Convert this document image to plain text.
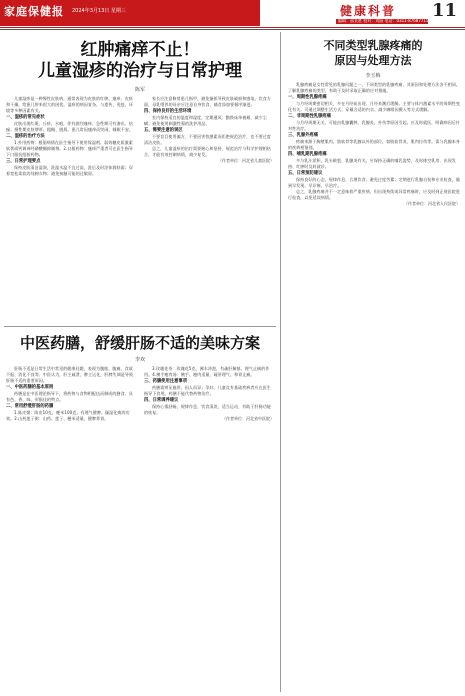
家庭保健报 2024年3月13日 星期三	健康科普 11
编辑：邵长胜 校对：刘丽 电话：0311-87687715
红肿痛痒不止！
儿童湿疹的治疗与日常护理
陈军
儿童湿疹是一种慢性皮肤病，通常表现为皮肤的红肿、瘙痒、皮疹和干燥，给患儿带来很大的困扰。湿疹的病因复杂，与遗传、免疫、环境等多种因素有关。
一、湿疹的常见症状
皮肤出现红斑、丘疹、水疱，伴有剧烈瘙痒；急性期可有渗出、结痂；慢性期皮肤增厚、粗糙、脱屑。患儿常因瘙痒而哭闹、睡眠不安。
二、湿疹的治疗方法
1.外用药物：根据病情在医生指导下使用保湿剂、弱效糖皮质激素软膏或钙调神经磷酸酶抑制剂。2.口服药物：瘙痒严重者可在医生指导下口服抗组胺药物。
三、日常护理要点
保持皮肤清洁湿润，洗澡水温不宜过高，洗后及时涂抹润肤霜；穿着宽松柔软的纯棉衣物；避免接触可能的过敏原。
家长应注意修剪患儿指甲，避免搔抓导致皮肤破损和感染。饮食方面，母乳喂养的母亲应注意自身饮食，辅食添加要循序渐进。
四、保持良好的生活环境
室内保持适宜的温度和湿度，定期通风；勤换床单被褥，减少尘螨；避免使用刺激性强的洗护用品。
五、需要注意的误区
不要盲目使用偏方，不要因害怕激素而拒绝规范治疗，也不要过度清洁皮肤。
总之，儿童湿疹的治疗需要耐心和坚持，规范治疗与科学护理相结合，才能有效控制病情，减少复发。
（作者单位：河北省儿童医院）
中医药膳，舒缓肝肠不适的美味方案
李欢
肝肠不适是日常生活中常见的健康问题，表现为腹胀、腹痛、食欲不振、消化不良等。中医认为，肝主疏泄，脾主运化，肝脾失调是导致肝肠不适的重要原因。
一、中医药膳的基本原则
药膳是在中医理论指导下，将药物与食物相配伍而制成的膳食，具有色、香、味、形俱佳的特点。
二、常用舒缓肝肠的药膳
1.陈皮粥：陈皮10克，粳米100克。有理气健脾、燥湿化痰的功效。2.山药莲子粥：山药、莲子、粳米适量，健脾养胃。
3.玫瑰花茶：玫瑰花5克，沸水冲泡，有疏肝解郁、理气止痛的作用。4.佛手瘦肉汤：佛手、瘦肉适量，疏肝理气、和胃止痛。
三、药膳使用注意事项
药膳需辨证施用，因人而异；孕妇、儿童及有基础疾病者应在医生指导下食用。药膳不能代替药物治疗。
四、日常调养建议
保持心情舒畅，规律作息，饮食清淡，适当运动，有助于肝肠功能的恢复。
（作者单位：河北省中医院）
不同类型乳腺疼痛的
原因与处理方法
李玉梅
乳腺疼痛是女性常见的乳腺问题之一，不同类型的乳腺疼痛，其原因和处理方法各不相同。了解乳腺疼痛的类型，有助于及时采取正确的应对措施。
一、周期性乳腺疼痛
与月经周期密切相关，多在月经前出现，月经来潮后缓解。主要与体内激素水平的周期性变化有关。可通过调整生活方式、穿戴合适的内衣、减少咖啡因摄入等方式缓解。
二、非周期性乳腺疼痛
与月经周期无关，可能由乳腺囊肿、乳腺炎、外伤等原因引起。应及时就医，明确病因后针对性治疗。
三、乳腺外疼痛
疼痛来源于胸壁肌肉、肋软骨等乳腺以外的部位，如肋软骨炎、肌肉拉伤等。需与乳腺本身的疾病相鉴别。
四、哺乳期乳腺疼痛
多与乳汁淤积、乳头皲裂、乳腺炎有关。应保持正确的哺乳姿势，及时排空乳房，出现发热、红肿时及时就诊。
五、日常预防建议
保持良好的心态，规律作息，合理饮食，避免过度劳累；定期进行乳腺自检和专业检查，做到早发现、早诊断、早治疗。
总之，乳腺疼痛并不一定意味着严重疾病，但出现持续或异常疼痛时，应及时到正规医院进行检查，以免延误病情。
（作者单位：河北省人民医院）
